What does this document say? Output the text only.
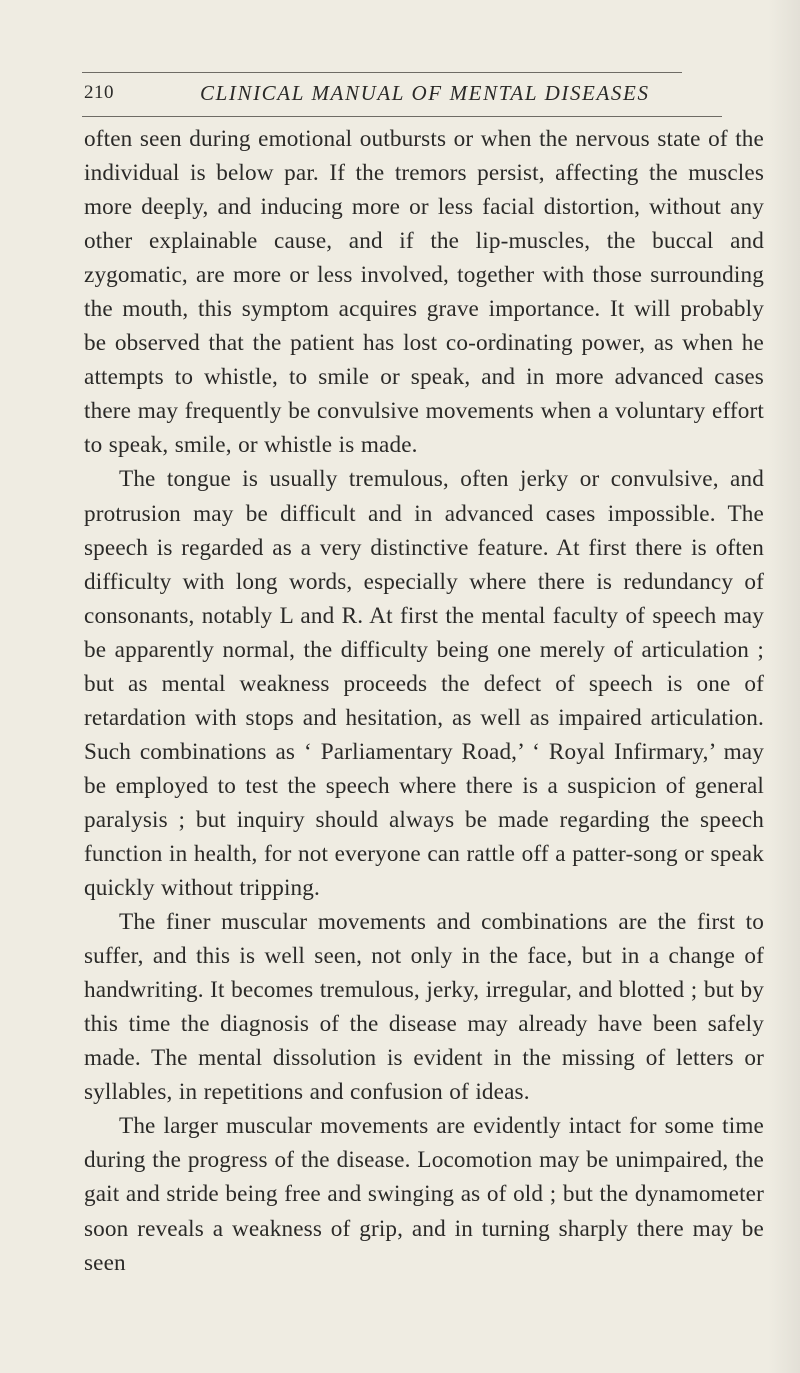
210	CLINICAL MANUAL OF MENTAL DISEASES

often seen during emotional outbursts or when the nervous state of the individual is below par. If the tremors persist, affecting the muscles more deeply, and inducing more or less facial distortion, without any other explainable cause, and if the lip-muscles, the buccal and zygomatic, are more or less involved, together with those surrounding the mouth, this symptom acquires grave importance. It will probably be observed that the patient has lost co-ordinating power, as when he attempts to whistle, to smile or speak, and in more advanced cases there may frequently be convulsive movements when a voluntary effort to speak, smile, or whistle is made.

The tongue is usually tremulous, often jerky or convulsive, and protrusion may be difficult and in advanced cases impossible. The speech is regarded as a very distinctive feature. At first there is often difficulty with long words, especially where there is redundancy of consonants, notably L and R. At first the mental faculty of speech may be apparently normal, the difficulty being one merely of articulation ; but as mental weakness proceeds the defect of speech is one of retardation with stops and hesitation, as well as impaired articulation. Such combinations as ‘ Parliamentary Road,’ ‘ Royal Infirmary,’ may be employed to test the speech where there is a suspicion of general paralysis ; but inquiry should always be made regarding the speech function in health, for not everyone can rattle off a patter-song or speak quickly without tripping.

The finer muscular movements and combinations are the first to suffer, and this is well seen, not only in the face, but in a change of handwriting. It becomes tremulous, jerky, irregular, and blotted ; but by this time the diagnosis of the disease may already have been safely made. The mental dissolution is evident in the missing of letters or syllables, in repetitions and confusion of ideas.

The larger muscular movements are evidently intact for some time during the progress of the disease. Locomotion may be unimpaired, the gait and stride being free and swinging as of old ; but the dynamometer soon reveals a weakness of grip, and in turning sharply there may be seen
